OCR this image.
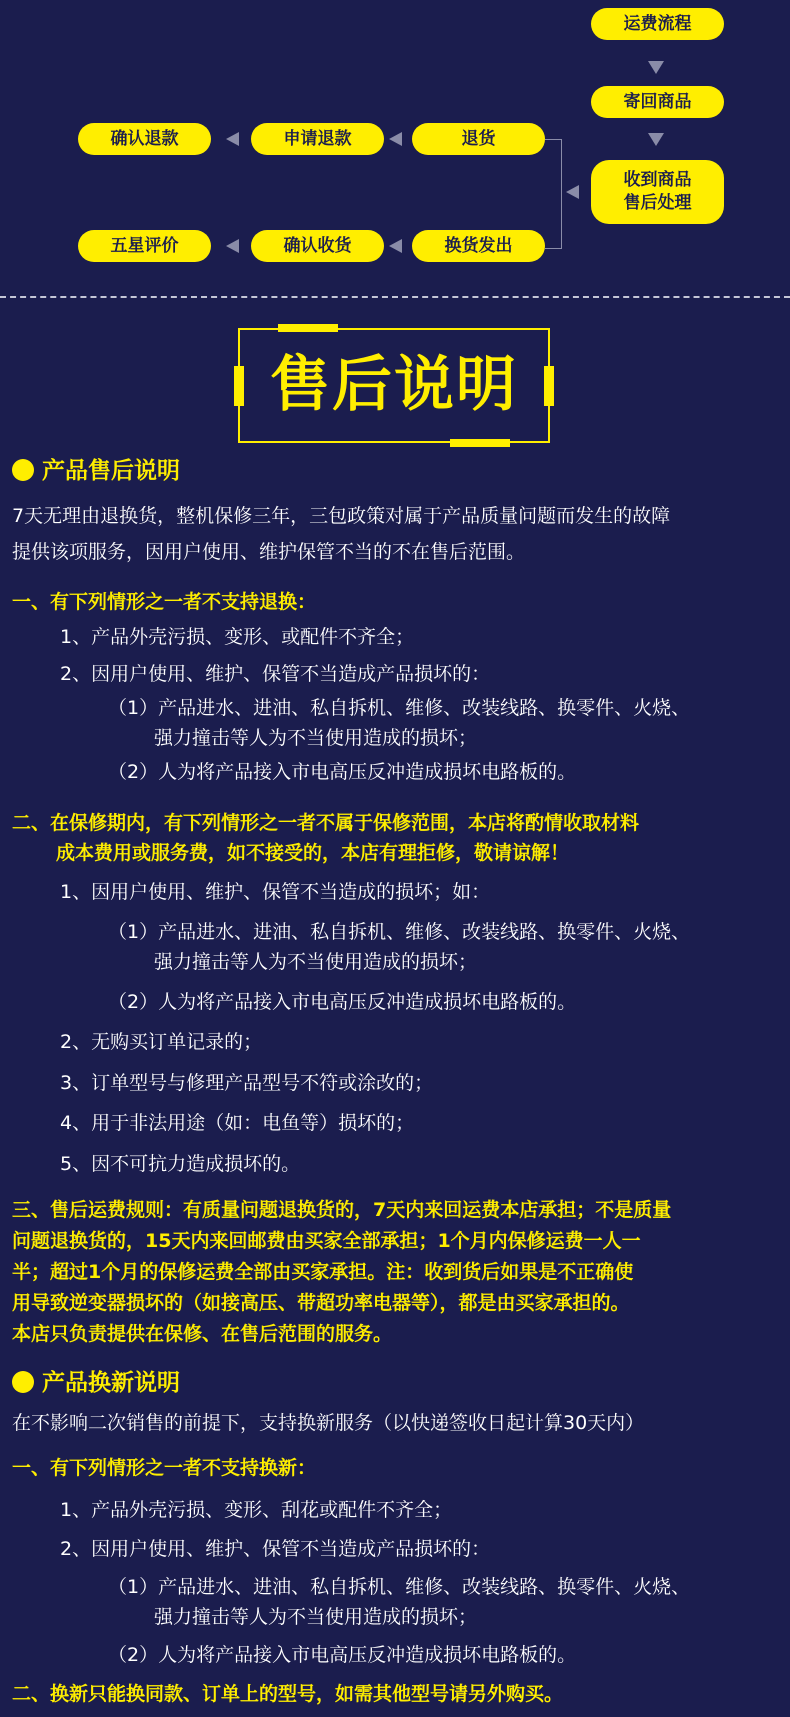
运费流程
寄回商品
收到商品
售后处理
退货
申请退款
确认退款
换货发出
确认收货
五星评价
售后说明
产品售后说明
7天无理由退换货，整机保修三年，三包政策对属于产品质量问题而发生的故障
提供该项服务，因用户使用、维护保管不当的不在售后范围。
一、有下列情形之一者不支持退换：
1、产品外壳污损、变形、或配件不齐全；
2、因用户使用、维护、保管不当造成产品损坏的：
（1）产品进水、进油、私自拆机、维修、改装线路、换零件、火烧、
强力撞击等人为不当使用造成的损坏；
（2）人为将产品接入市电高压反冲造成损坏电路板的。
二、在保修期内，有下列情形之一者不属于保修范围，本店将酌情收取材料
成本费用或服务费，如不接受的，本店有理拒修，敬请谅解！
1、因用户使用、维护、保管不当造成的损坏；如：
（1）产品进水、进油、私自拆机、维修、改装线路、换零件、火烧、
强力撞击等人为不当使用造成的损坏；
（2）人为将产品接入市电高压反冲造成损坏电路板的。
2、无购买订单记录的；
3、订单型号与修理产品型号不符或涂改的；
4、用于非法用途（如：电鱼等）损坏的；
5、因不可抗力造成损坏的。
三、售后运费规则：有质量问题退换货的，7天内来回运费本店承担；不是质量
问题退换货的，15天内来回邮费由买家全部承担；1个月内保修运费一人一
半；超过1个月的保修运费全部由买家承担。注：收到货后如果是不正确使
用导致逆变器损坏的（如接高压、带超功率电器等），都是由买家承担的。
本店只负责提供在保修、在售后范围的服务。
产品换新说明
在不影响二次销售的前提下，支持换新服务（以快递签收日起计算30天内）
一、有下列情形之一者不支持换新：
1、产品外壳污损、变形、刮花或配件不齐全；
2、因用户使用、维护、保管不当造成产品损坏的：
（1）产品进水、进油、私自拆机、维修、改装线路、换零件、火烧、
强力撞击等人为不当使用造成的损坏；
（2）人为将产品接入市电高压反冲造成损坏电路板的。
二、换新只能换同款、订单上的型号，如需其他型号请另外购买。
